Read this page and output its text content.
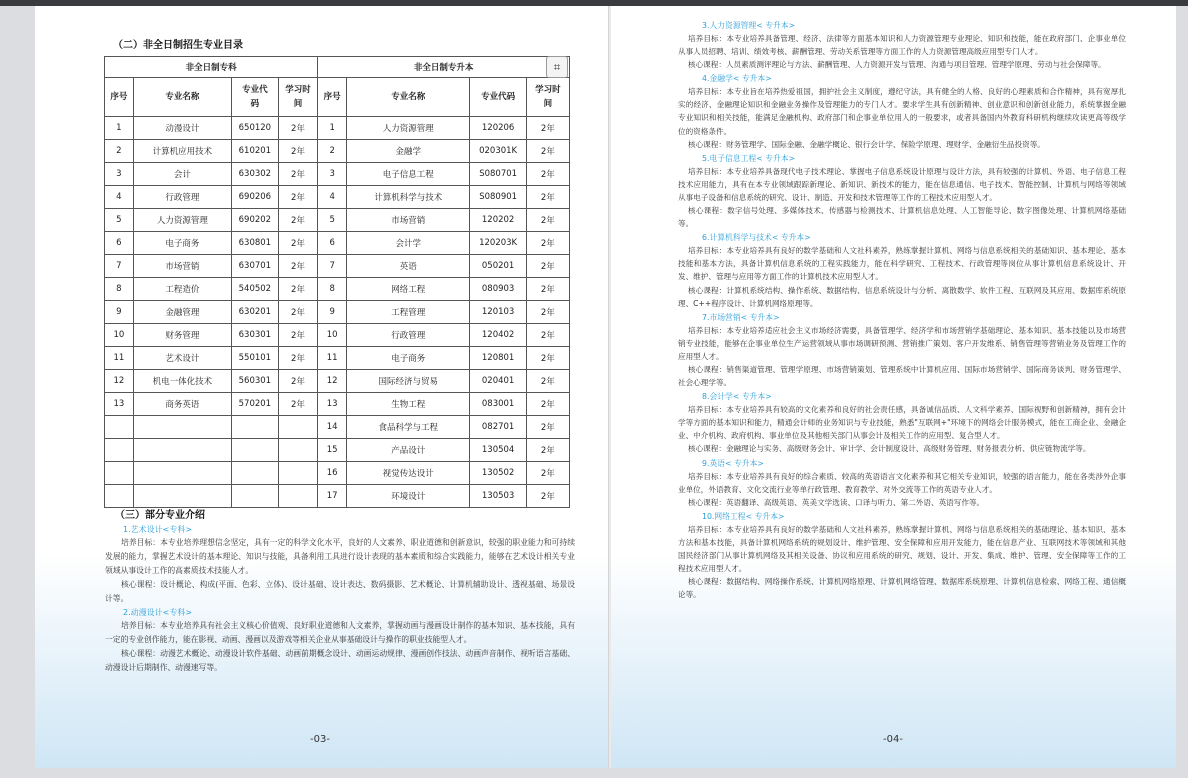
（二）非全日制招生专业目录
非全日制专科				非全日制专升本			
序号	专业名称	专业代码	学习时间	序号	专业名称	专业代码	学习时间
1	动漫设计	650120	2年	1	人力资源管理	120206	2年
2	计算机应用技术	610201	2年	2	金融学	020301K	2年
3	会计	630302	2年	3	电子信息工程	S080701	2年
4	行政管理	690206	2年	4	计算机科学与技术	S080901	2年
5	人力资源管理	690202	2年	5	市场营销	120202	2年
6	电子商务	630801	2年	6	会计学	120203K	2年
7	市场营销	630701	2年	7	英语	050201	2年
8	工程造价	540502	2年	8	网络工程	080903	2年
9	金融管理	630201	2年	9	工程管理	120103	2年
10	财务管理	630301	2年	10	行政管理	120402	2年
11	艺术设计	550101	2年	11	电子商务	120801	2年
12	机电一体化技术	560301	2年	12	国际经济与贸易	020401	2年
13	商务英语	570201	2年	13	生物工程	083001	2年
				14	食品科学与工程	082701	2年
				15	产品设计	130504	2年
				16	视觉传达设计	130502	2年
				17	环境设计	130503	2年
⌗
（三）部分专业介绍
1.艺术设计<专科>

培养目标：本专业培养理想信念坚定，具有一定的科学文化水平，良好的人文素养、职业道德和创新意识，较强的职业能力和可持续发展的能力，掌握艺术设计的基本理论、知识与技能，具备利用工具进行设计表现的基本素质和综合实践能力，能够在艺术设计相关专业领域从事设计工作的高素质技术技能人才。

核心课程：设计概论、构成(平面、色彩、立体)、设计基础、设计表达、数码摄影、艺术概论、计算机辅助设计、透视基础、场景设计等。

2.动漫设计<专科>

培养目标：本专业培养具有社会主义核心价值观、良好职业道德和人文素养，掌握动画与漫画设计制作的基本知识、基本技能，具有一定的专业创作能力，能在影视、动画、漫画以及游戏等相关企业从事基础设计与操作的职业技能型人才。

核心课程：动漫艺术概论、动漫设计软件基础、动画前期概念设计、动画运动规律、漫画创作技法、动画声音制作、视听语言基础、动漫设计后期制作、动漫速写等。

-03-
3.人力资源管理< 专升本>

培养目标：本专业培养具备管理、经济、法律等方面基本知识和人力资源管理专业理论、知识和技能，能在政府部门、企事业单位从事人员招聘、培训、绩效考核、薪酬管理、劳动关系管理等方面工作的人力资源管理高级应用型专门人才。

核心课程：人员素质测评理论与方法、薪酬管理、人力资源开发与管理、沟通与项目管理、管理学原理、劳动与社会保障等。

4.金融学< 专升本>

培养目标：本专业旨在培养热爱祖国，拥护社会主义制度，遵纪守法，具有健全的人格、良好的心理素质和合作精神，具有宽厚扎实的经济、金融理论知识和金融业务操作及管理能力的专门人才。要求学生具有创新精神、创业意识和创新创业能力，系统掌握金融专业知识和相关技能，能满足金融机构、政府部门和企事业单位用人的一般要求，或者具备国内外教育科研机构继续攻读更高等级学位的资格条件。

核心课程：财务管理学、国际金融、金融学概论、银行会计学、保险学原理、理财学、金融衍生品投资等。

5.电子信息工程< 专升本>

培养目标：本专业培养具备现代电子技术理论、掌握电子信息系统设计原理与设计方法，具有较强的计算机、外语、电子信息工程技术应用能力，具有在本专业领域跟踪新理论、新知识、新技术的能力，能在信息通信、电子技术、智能控制、计算机与网络等领域从事电子设备和信息系统的研究、设计、制造、开发和技术管理等工作的工程技术应用型人才。

核心课程：数字信号处理、多媒体技术、传感器与检测技术、计算机信息处理、人工智能导论、数字图像处理、计算机网络基础等。

6.计算机科学与技术< 专升本>

培养目标：本专业培养具有良好的数学基础和人文社科素养，熟练掌握计算机、网络与信息系统相关的基础知识、基本理论、基本技能和基本方法，具备计算机信息系统的工程实践能力，能在科学研究、工程技术、行政管理等岗位从事计算机信息系统设计、开发、维护、管理与应用等方面工作的计算机技术应用型人才。

核心课程：计算机系统结构、操作系统、数据结构、信息系统设计与分析、离散数学、软件工程、互联网及其应用、数据库系统原理、C++程序设计、计算机网络原理等。

7.市场营销< 专升本>

培养目标：本专业培养适应社会主义市场经济需要，具备管理学、经济学和市场营销学基础理论、基本知识、基本技能以及市场营销专业技能，能够在企事业单位生产运营领域从事市场调研预测、营销推广策划、客户开发维系、销售管理等营销业务及管理工作的应用型人才。

核心课程：销售渠道管理、管理学原理、市场营销策划、管理系统中计算机应用、国际市场营销学、国际商务谈判、财务管理学、社会心理学等。

8.会计学< 专升本>

培养目标：本专业培养具有较高的文化素养和良好的社会责任感，具备诚信品质、人文科学素养、国际视野和创新精神，拥有会计学等方面的基本知识和能力，精通会计师的业务知识与专业技能，熟悉"互联网+"环境下的网络会计服务模式，能在工商企业、金融企业、中介机构、政府机构、事业单位及其他相关部门从事会计及相关工作的应用型、复合型人才。

核心课程：金融理论与实务、高级财务会计、审计学、会计制度设计、高级财务管理、财务报表分析、供应链物流学等。

9.英语< 专升本>

培养目标：本专业培养具有良好的综合素质、较高的英语语言文化素养和其它相关专业知识，较强的语言能力，能在各类涉外企事业单位，外语教育、文化交流行业等单行政管理、教育教学、对外交流等工作的英语专业人才。

核心课程：英语翻译、高级英语、英美文学选读、口译与听力、第二外语、英语写作等。

10.网络工程< 专升本>

培养目标：本专业培养具有良好的数学基础和人文社科素养，熟练掌握计算机、网络与信息系统相关的基础理论、基本知识、基本方法和基本技能，具备计算机网络系统的规划设计、维护管理、安全保障和应用开发能力，能在信息产业、互联网技术等领域和其他国民经济部门从事计算机网络及其相关设备、协议和应用系统的研究、规划、设计、开发、集成、维护、管理、安全保障等工作的工程技术应用型人才。

核心课程：数据结构、网络操作系统、计算机网络原理、计算机网络管理、数据库系统原理、计算机信息检索、网络工程、通信概论等。

-04-
